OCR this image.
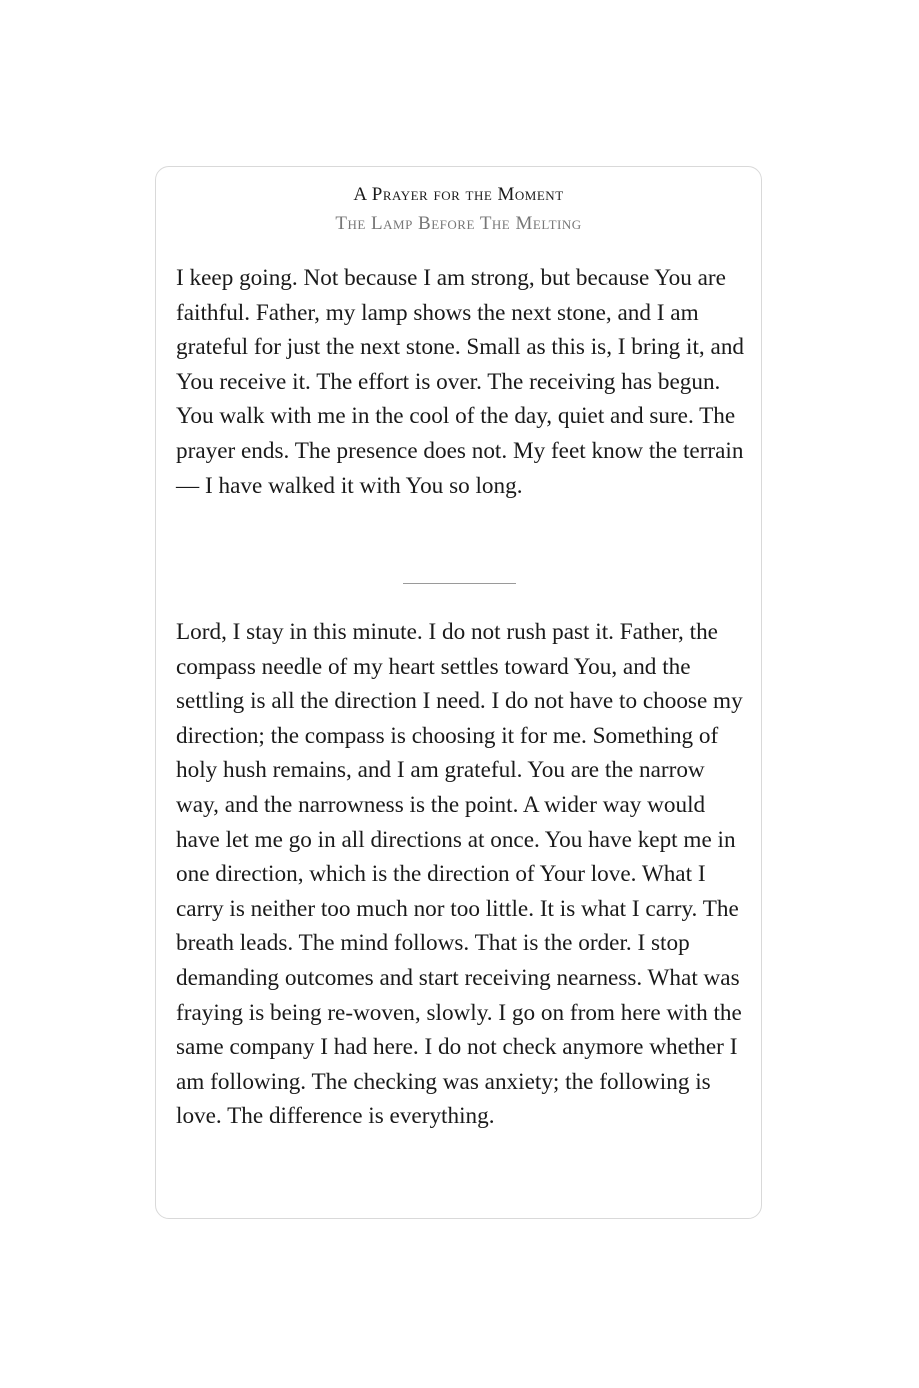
A Prayer for the Moment
The Lamp Before The Melting

I keep going. Not because I am strong, but because You are faithful. Father, my lamp shows the next stone, and I am grateful for just the next stone. Small as this is, I bring it, and You receive it. The effort is over. The receiving has begun. You walk with me in the cool of the day, quiet and sure. The prayer ends. The presence does not. My feet know the terrain — I have walked it with You so long.

Lord, I stay in this minute. I do not rush past it. Father, the compass needle of my heart settles toward You, and the settling is all the direction I need. I do not have to choose my direction; the compass is choosing it for me. Something of holy hush remains, and I am grateful. You are the narrow way, and the narrowness is the point. A wider way would have let me go in all directions at once. You have kept me in one direction, which is the direction of Your love. What I carry is neither too much nor too little. It is what I carry. The breath leads. The mind follows. That is the order. I stop demanding outcomes and start receiving nearness. What was fraying is being re-woven, slowly. I go on from here with the same company I had here. I do not check anymore whether I am following. The checking was anxiety; the following is love. The difference is everything.
